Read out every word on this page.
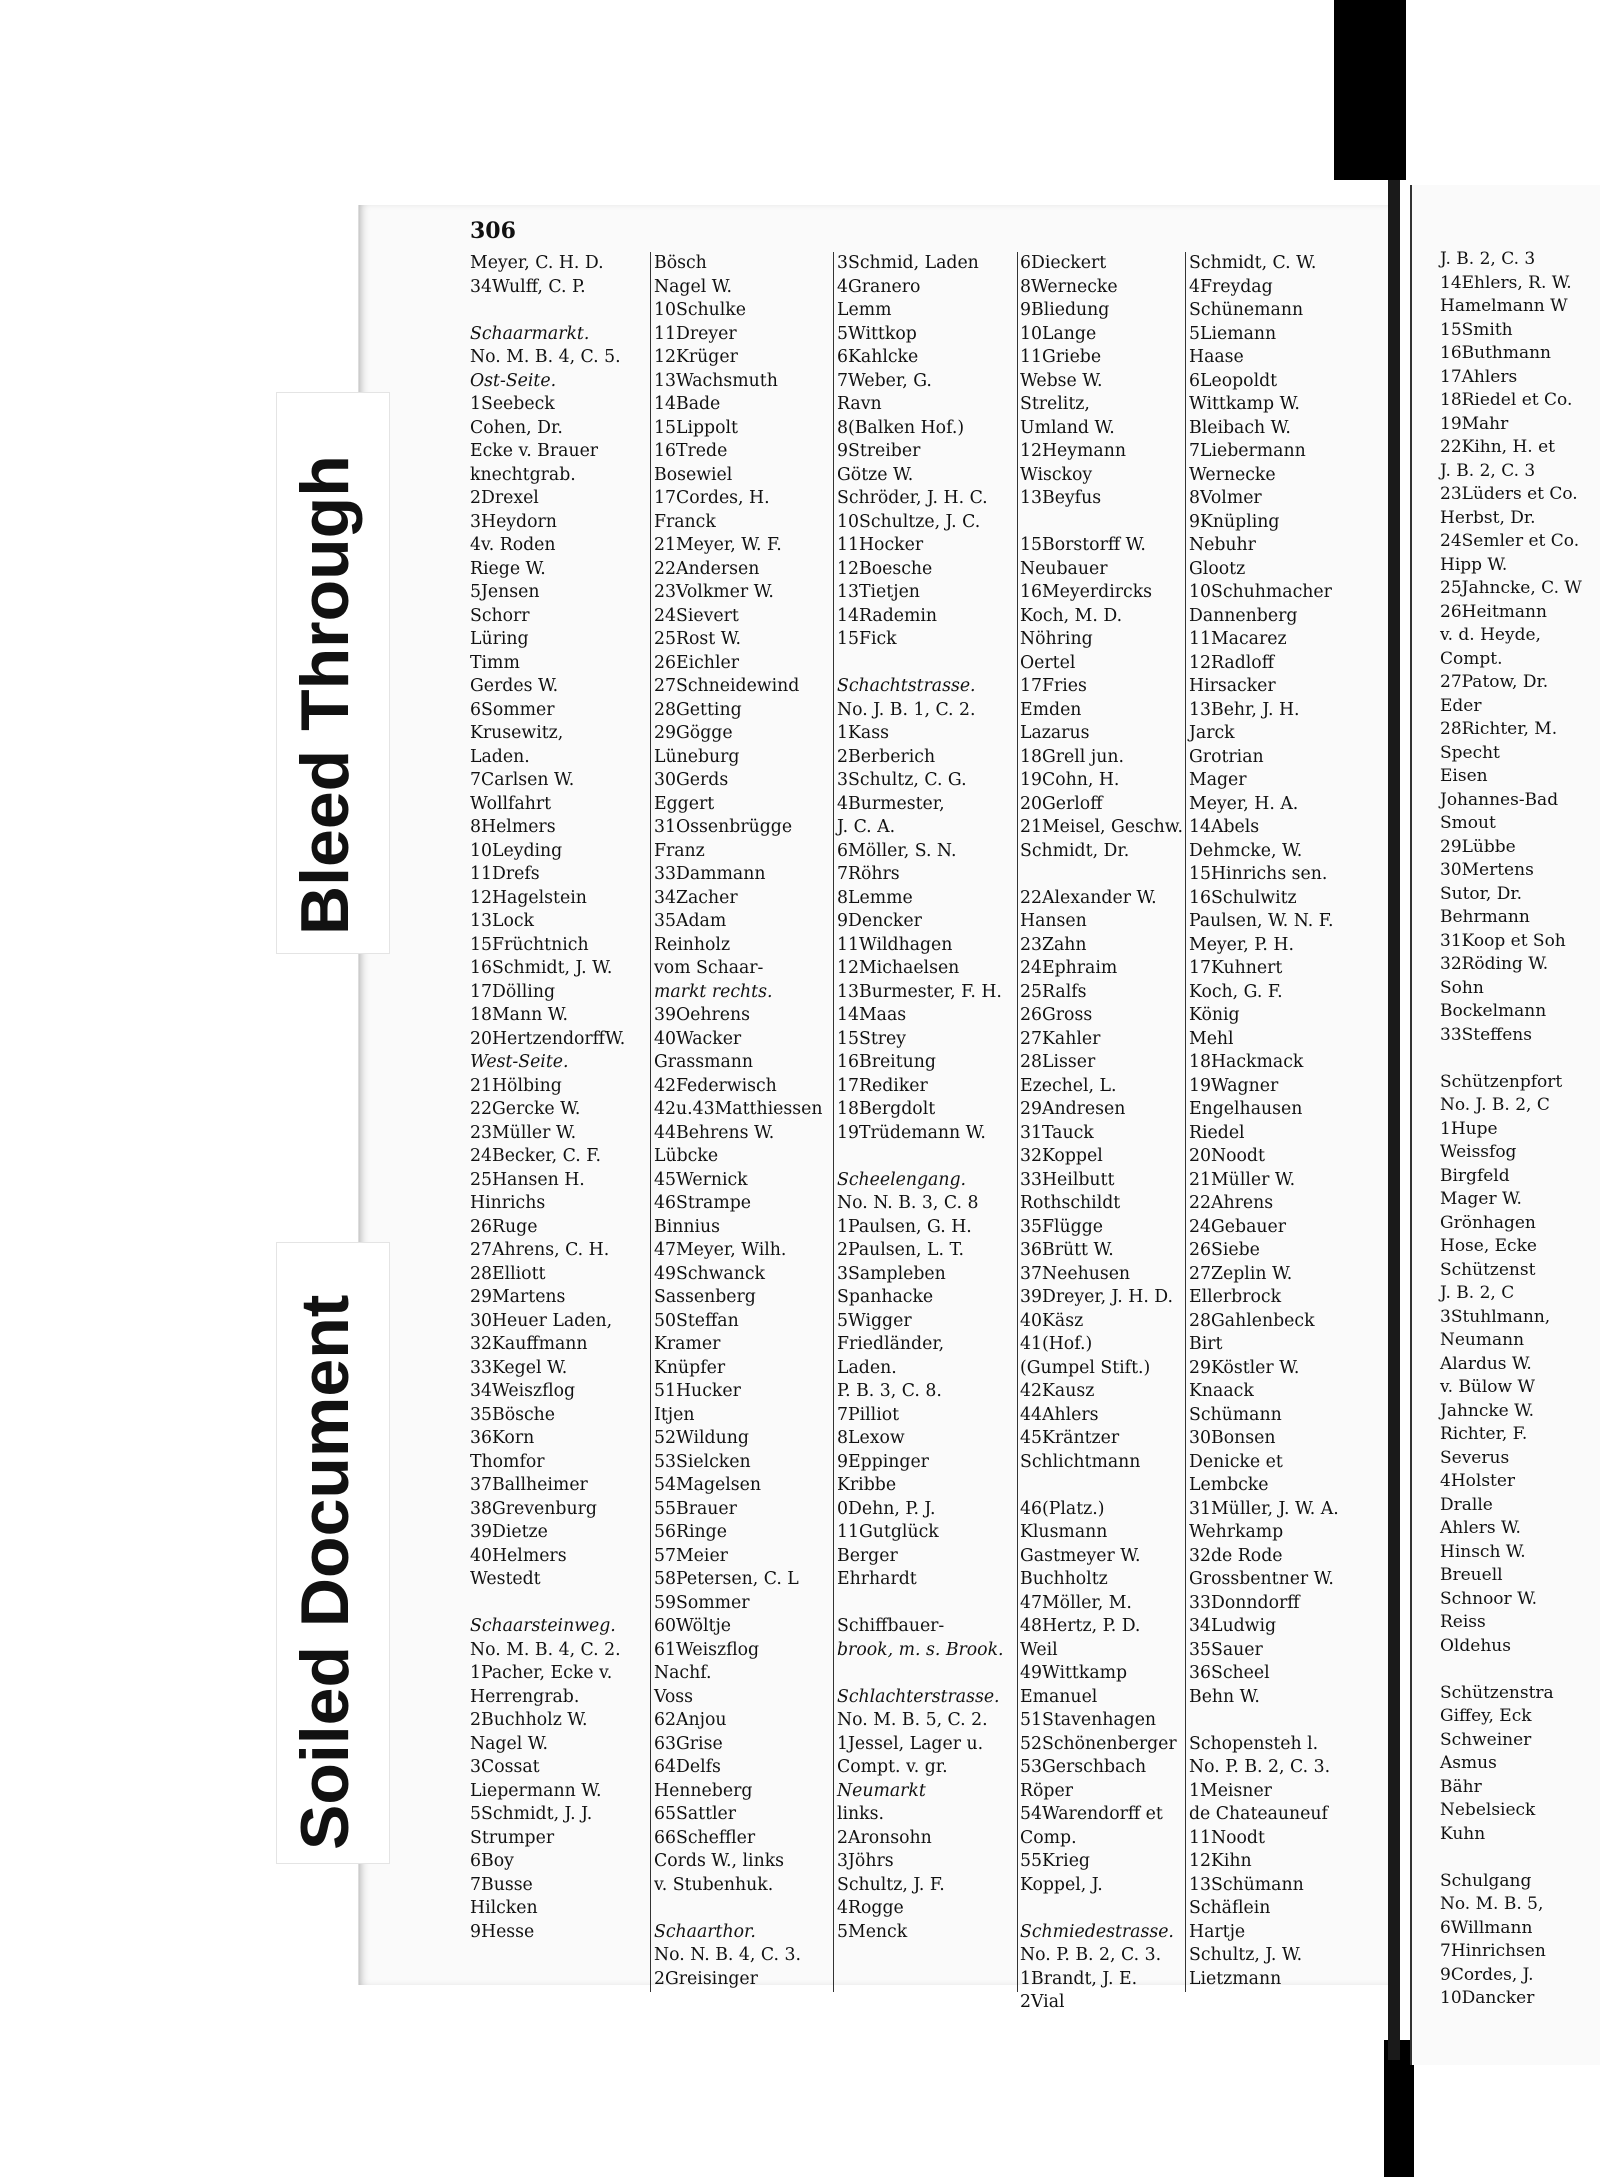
Bleed Through
Soiled Document
306
Meyer, C. H. D.
34Wulff, C. P.
Schaarmarkt.
No. M. B. 4, C. 5.
Ost-Seite.
1Seebeck
Cohen, Dr.
Ecke v. Brauer
knechtgrab.
2Drexel
3Heydorn
4v. Roden
Riege W.
5Jensen
Schorr
Lüring
Timm
Gerdes W.
6Sommer
Krusewitz,
Laden.
7Carlsen W.
Wollfahrt
8Helmers
10Leyding
11Drefs
12Hagelstein
13Lock
15Früchtnich
16Schmidt, J. W.
17Dölling
18Mann W.
20HertzendorffW.
West-Seite.
21Hölbing
22Gercke W.
23Müller W.
24Becker, C. F.
25Hansen H.
Hinrichs
26Ruge
27Ahrens, C. H.
28Elliott
29Martens
30Heuer Laden,
32Kauffmann
33Kegel W.
34Weiszflog
35Bösche
36Korn
Thomfor
37Ballheimer
38Grevenburg
39Dietze
40Helmers
Westedt
Schaarsteinweg.
No. M. B. 4, C. 2.
1Pacher, Ecke v.
Herrengrab.
2Buchholz W.
Nagel W.
3Cossat
Liepermann W.
5Schmidt, J. J.
Strumper
6Boy
7Busse
Hilcken
9Hesse
Bösch
Nagel W.
10Schulke
11Dreyer
12Krüger
13Wachsmuth
14Bade
15Lippolt
16Trede
Bosewiel
17Cordes, H.
Franck
21Meyer, W. F.
22Andersen
23Volkmer W.
24Sievert
25Rost W.
26Eichler
27Schneidewind
28Getting
29Gögge
Lüneburg
30Gerds
Eggert
31Ossenbrügge
Franz
33Dammann
34Zacher
35Adam
Reinholz
vom Schaar-
markt rechts.
39Oehrens
40Wacker
Grassmann
42Federwisch
42u.43Matthiessen
44Behrens W.
Lübcke
45Wernick
46Strampe
Binnius
47Meyer, Wilh.
49Schwanck
Sassenberg
50Steffan
Kramer
Knüpfer
51Hucker
Itjen
52Wildung
53Sielcken
54Magelsen
55Brauer
56Ringe
57Meier
58Petersen, C. L
59Sommer
60Wöltje
61Weiszflog
Nachf.
Voss
62Anjou
63Grise
64Delfs
Henneberg
65Sattler
66Scheffler
Cords W., links
v. Stubenhuk.
Schaarthor.
No. N. B. 4, C. 3.
2Greisinger
3Schmid, Laden
4Granero
Lemm
5Wittkop
6Kahlcke
7Weber, G.
Ravn
8(Balken Hof.)
9Streiber
Götze W.
Schröder, J. H. C.
10Schultze, J. C.
11Hocker
12Boesche
13Tietjen
14Rademin
15Fick
Schachtstrasse.
No. J. B. 1, C. 2.
1Kass
2Berberich
3Schultz, C. G.
4Burmester,
J. C. A.
6Möller, S. N.
7Röhrs
8Lemme
9Dencker
11Wildhagen
12Michaelsen
13Burmester, F. H.
14Maas
15Strey
16Breitung
17Rediker
18Bergdolt
19Trüdemann W.
Scheelengang.
No. N. B. 3, C. 8
1Paulsen, G. H.
2Paulsen, L. T.
3Sampleben
Spanhacke
5Wigger
Friedländer,
Laden.
P. B. 3, C. 8.
7Pilliot
8Lexow
9Eppinger
Kribbe
0Dehn, P. J.
11Gutglück
Berger
Ehrhardt
Schiffbauer-
brook, m. s. Brook.
Schlachterstrasse.
No. M. B. 5, C. 2.
1Jessel, Lager u.
Compt. v. gr.
Neumarkt
links.
2Aronsohn
3Jöhrs
Schultz, J. F.
4Rogge
5Menck
6Dieckert
8Wernecke
9Bliedung
10Lange
11Griebe
Webse W.
Strelitz,
Umland W.
12Heymann
Wisckoy
13Beyfus
15Borstorff W.
Neubauer
16Meyerdircks
Koch, M. D.
Nöhring
Oertel
17Fries
Emden
Lazarus
18Grell jun.
19Cohn, H.
20Gerloff
21Meisel, Geschw.
Schmidt, Dr.
22Alexander W.
Hansen
23Zahn
24Ephraim
25Ralfs
26Gross
27Kahler
28Lisser
Ezechel, L.
29Andresen
31Tauck
32Koppel
33Heilbutt
Rothschildt
35Flügge
36Brütt W.
37Neehusen
39Dreyer, J. H. D.
40Käsz
41(Hof.)
(Gumpel Stift.)
42Kausz
44Ahlers
45Kräntzer
Schlichtmann
46(Platz.)
Klusmann
Gastmeyer W.
Buchholtz
47Möller, M.
48Hertz, P. D.
Weil
49Wittkamp
Emanuel
51Stavenhagen
52Schönenberger
53Gerschbach
Röper
54Warendorff et
Comp.
55Krieg
Koppel, J.
Schmiedestrasse.
No. P. B. 2, C. 3.
1Brandt, J. E.
2Vial
Schmidt, C. W.
4Freydag
Schünemann
5Liemann
Haase
6Leopoldt
Wittkamp W.
Bleibach W.
7Liebermann
Wernecke
8Volmer
9Knüpling
Nebuhr
Glootz
10Schuhmacher
Dannenberg
11Macarez
12Radloff
Hirsacker
13Behr, J. H.
Jarck
Grotrian
Mager
Meyer, H. A.
14Abels
Dehmcke, W.
15Hinrichs sen.
16Schulwitz
Paulsen, W. N. F.
Meyer, P. H.
17Kuhnert
Koch, G. F.
König
Mehl
18Hackmack
19Wagner
Engelhausen
Riedel
20Noodt
21Müller W.
22Ahrens
24Gebauer
26Siebe
27Zeplin W.
Ellerbrock
28Gahlenbeck
Birt
29Köstler W.
Knaack
Schümann
30Bonsen
Denicke et
Lembcke
31Müller, J. W. A.
Wehrkamp
32de Rode
Grossbentner W.
33Donndorff
34Ludwig
35Sauer
36Scheel
Behn W.
Schopensteh l.
No. P. B. 2, C. 3.
1Meisner
de Chateauneuf
11Noodt
12Kihn
13Schümann
Schäflein
Hartje
Schultz, J. W.
Lietzmann
J. B. 2, C. 3
14Ehlers, R. W.
Hamelmann W
15Smith
16Buthmann
17Ahlers
18Riedel et Co.
19Mahr
22Kihn, H. et
J. B. 2, C. 3
23Lüders et Co.
Herbst, Dr.
24Semler et Co.
Hipp W.
25Jahncke, C. W
26Heitmann
v. d. Heyde,
Compt.
27Patow, Dr.
Eder
28Richter, M.
Specht
Eisen
Johannes-Bad
Smout
29Lübbe
30Mertens
Sutor, Dr.
Behrmann
31Koop et Soh
32Röding W.
Sohn
Bockelmann
33Steffens
Schützenpfort
No. J. B. 2, C
1Hupe
Weissfog
Birgfeld
Mager W.
Grönhagen
Hose, Ecke
Schützenst
J. B. 2, C
3Stuhlmann,
Neumann
Alardus W.
v. Bülow W
Jahncke W.
Richter, F.
Severus
4Holster
Dralle
Ahlers W.
Hinsch W.
Breuell
Schnoor W.
Reiss
Oldehus
Schützenstra
Giffey, Eck
Schweiner
Asmus
Bähr
Nebelsieck
Kuhn
Schulgang
No. M. B. 5,
6Willmann
7Hinrichsen
9Cordes, J.
10Dancker
